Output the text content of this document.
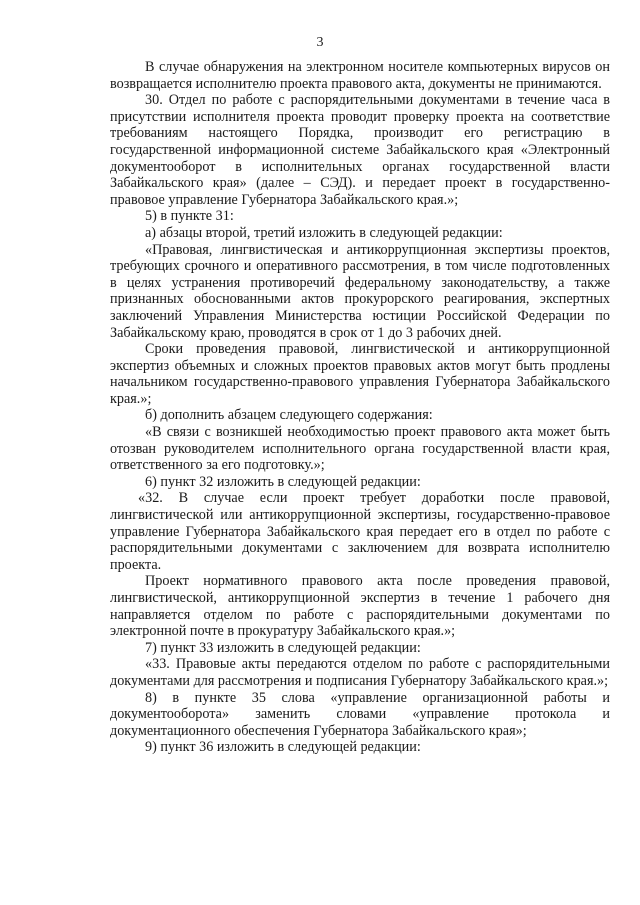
3

В случае обнаружения на электронном носителе компьютерных вирусов он возвращается исполнителю проекта правового акта, документы не принимаются.

30. Отдел по работе с распорядительными документами в течение часа в присутствии исполнителя проекта проводит проверку проекта на соответствие требованиям настоящего Порядка, производит его регистрацию в государственной информационной системе Забайкальского края «Электронный документооборот в исполнительных органах государственной власти Забайкальского края» (далее – СЭД). и передает проект в государственно-правовое управление Губернатора Забайкальского края.»;

5) в пункте 31:

а) абзацы второй, третий изложить в следующей редакции:

«Правовая, лингвистическая и антикоррупционная экспертизы проектов, требующих срочного и оперативного рассмотрения, в том числе подготовленных в целях устранения противоречий федеральному законодательству, а также признанных обоснованными актов прокурорского реагирования, экспертных заключений Управления Министерства юстиции Российской Федерации по Забайкальскому краю, проводятся в срок от 1 до 3 рабочих дней.

Сроки проведения правовой, лингвистической и антикоррупционной экспертиз объемных и сложных проектов правовых актов могут быть продлены начальником государственно-правового управления Губернатора Забайкальского края.»;

б) дополнить абзацем следующего содержания:

«В связи с возникшей необходимостью проект правового акта может быть отозван руководителем исполнительного органа государственной власти края, ответственного за его подготовку.»;

6) пункт 32 изложить в следующей редакции:

«32. В случае если проект требует доработки после правовой, лингвистической или антикоррупционной экспертизы, государственно-правовое управление Губернатора Забайкальского края передает его в отдел по работе с распорядительными документами с заключением для возврата исполнителю проекта.

Проект нормативного правового акта после проведения правовой, лингвистической, антикоррупционной экспертиз в течение 1 рабочего дня направляется отделом по работе с распорядительными документами по электронной почте в прокуратуру Забайкальского края.»;

7) пункт 33 изложить в следующей редакции:

«33. Правовые акты передаются отделом по работе с распорядительными документами для рассмотрения и подписания Губернатору Забайкальского края.»;

8) в пункте 35 слова «управление организационной работы и документооборота» заменить словами «управление протокола и документационного обеспечения Губернатора Забайкальского края»;

9) пункт 36 изложить в следующей редакции:
